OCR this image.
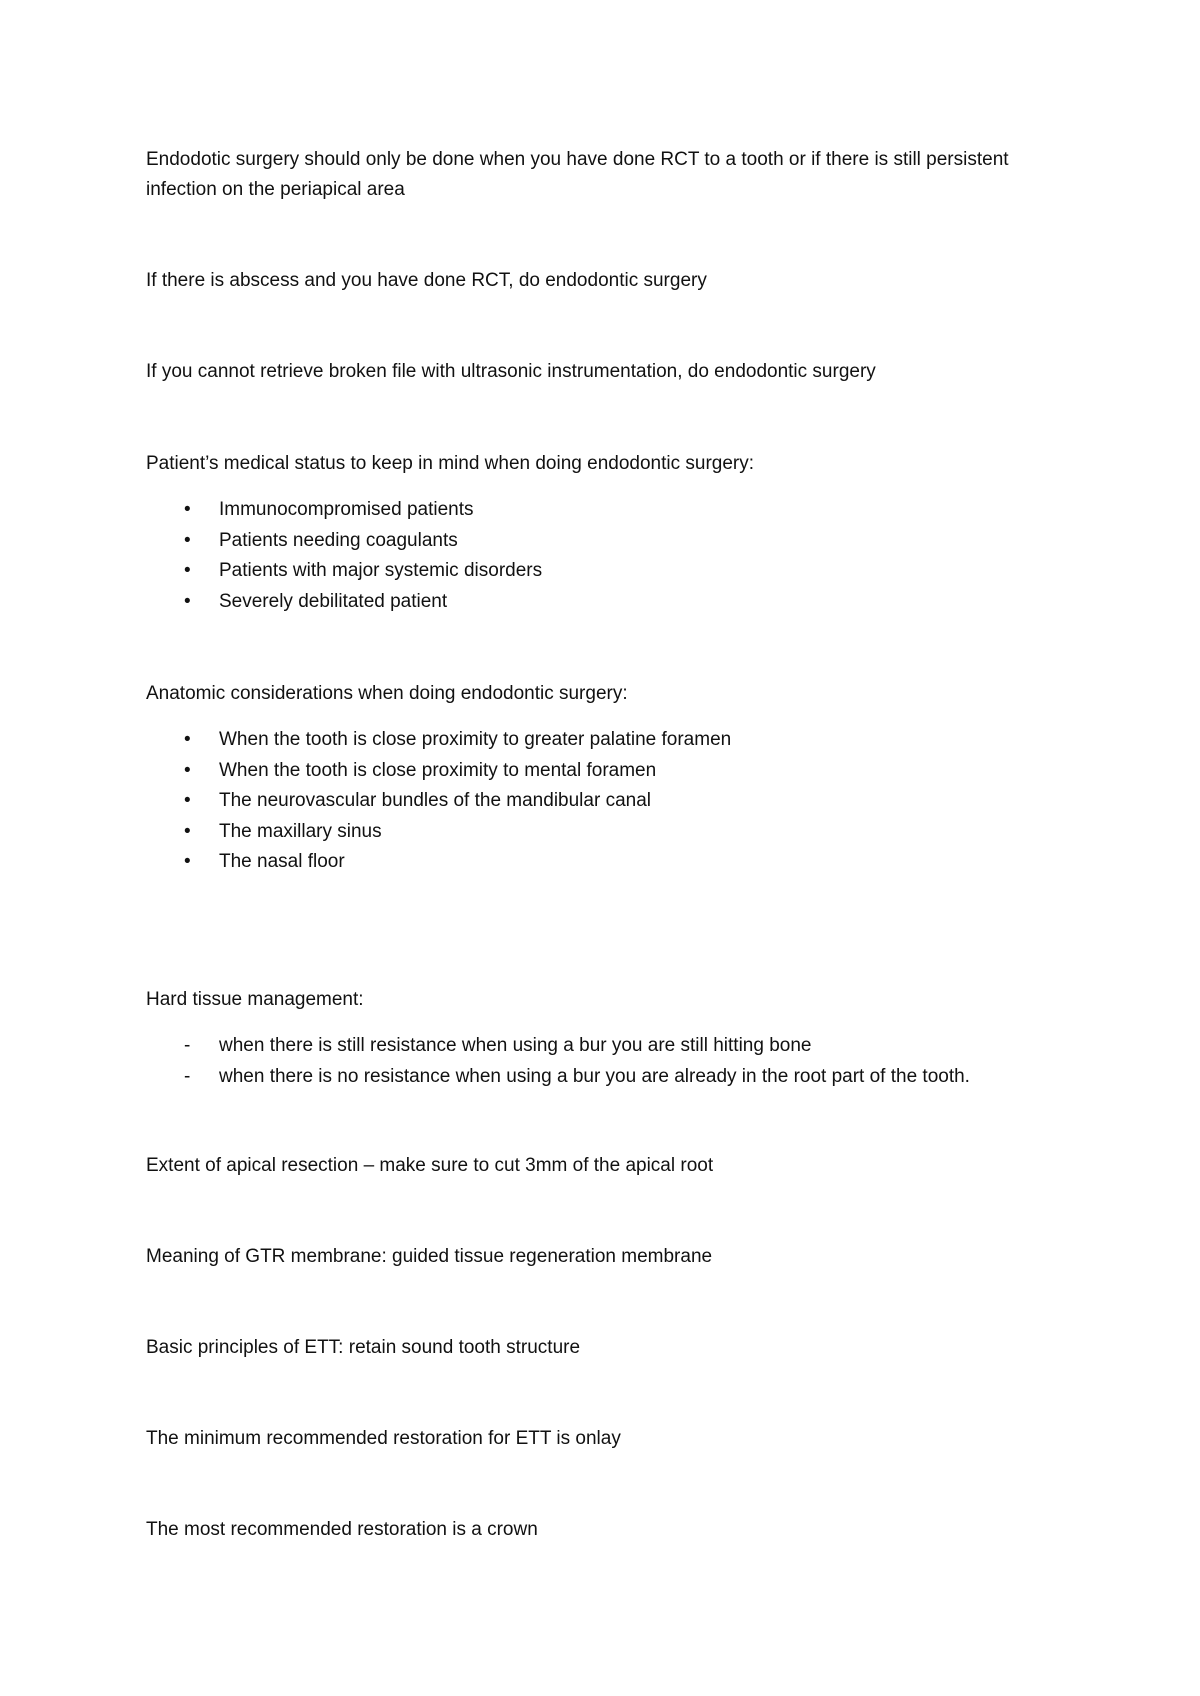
Endodotic surgery should only be done when you have done RCT to a tooth or if there is still persistent infection on the periapical area

If there is abscess and you have done RCT, do endodontic surgery

If you cannot retrieve broken file with ultrasonic instrumentation, do endodontic surgery

Patient’s medical status to keep in mind when doing endodontic surgery:

• Immunocompromised patients
• Patients needing coagulants
• Patients with major systemic disorders
• Severely debilitated patient

Anatomic considerations when doing endodontic surgery:

• When the tooth is close proximity to greater palatine foramen
• When the tooth is close proximity to mental foramen
• The neurovascular bundles of the mandibular canal
• The maxillary sinus
• The nasal floor

Hard tissue management:

- when there is still resistance when using a bur you are still hitting bone
- when there is no resistance when using a bur you are already in the root part of the tooth.

Extent of apical resection – make sure to cut 3mm of the apical root

Meaning of GTR membrane: guided tissue regeneration membrane

Basic principles of ETT: retain sound tooth structure

The minimum recommended restoration for ETT is onlay

The most recommended restoration is a crown
